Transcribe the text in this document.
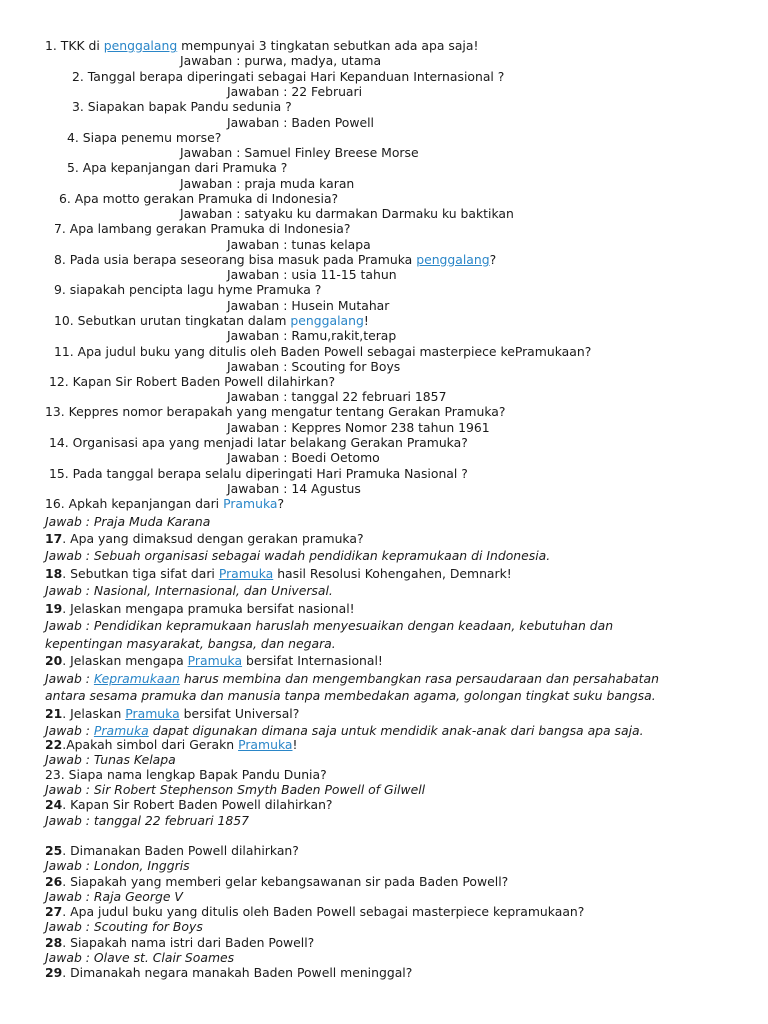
1. TKK di penggalang mempunyai 3 tingkatan sebutkan ada apa saja!
Jawaban : purwa, madya, utama
2. Tanggal berapa diperingati sebagai Hari Kepanduan Internasional ?
Jawaban : 22 Februari
3. Siapakan bapak Pandu sedunia ?
Jawaban : Baden Powell
4. Siapa penemu morse?
Jawaban : Samuel Finley Breese Morse
5. Apa kepanjangan dari Pramuka ?
Jawaban : praja muda karan
6. Apa motto gerakan Pramuka di Indonesia?
Jawaban : satyaku ku darmakan Darmaku ku baktikan
7. Apa lambang gerakan Pramuka di Indonesia?
Jawaban : tunas kelapa
8. Pada usia berapa seseorang bisa masuk pada Pramuka penggalang?
Jawaban : usia 11-15 tahun
9. siapakah pencipta lagu hyme Pramuka ?
Jawaban : Husein Mutahar
10. Sebutkan urutan tingkatan dalam penggalang!
Jawaban : Ramu,rakit,terap
11. Apa judul buku yang ditulis oleh Baden Powell sebagai masterpiece kePramukaan?
Jawaban : Scouting for Boys
12. Kapan Sir Robert Baden Powell dilahirkan?
Jawaban : tanggal 22 februari 1857
13. Keppres nomor berapakah yang mengatur tentang Gerakan Pramuka?
Jawaban : Keppres Nomor 238 tahun 1961
14. Organisasi apa yang menjadi latar belakang Gerakan Pramuka?
Jawaban : Boedi Oetomo
15. Pada tanggal berapa selalu diperingati Hari Pramuka Nasional ?
Jawaban : 14 Agustus
16. Apkah kepanjangan dari Pramuka?
Jawab : Praja Muda Karana
17. Apa yang dimaksud dengan gerakan pramuka?
Jawab : Sebuah organisasi sebagai wadah pendidikan kepramukaan di Indonesia.
18. Sebutkan tiga sifat dari Pramuka hasil Resolusi Kohengahen, Demnark!
Jawab : Nasional, Internasional, dan Universal.
19. Jelaskan mengapa pramuka bersifat nasional!
Jawab : Pendidikan kepramukaan haruslah menyesuaikan dengan keadaan, kebutuhan dan
kepentingan masyarakat, bangsa, dan negara.
20. Jelaskan mengapa Pramuka bersifat Internasional!
Jawab : Kepramukaan harus membina dan mengembangkan rasa persaudaraan dan persahabatan
antara sesama pramuka dan manusia tanpa membedakan agama, golongan tingkat suku bangsa.
21. Jelaskan Pramuka bersifat Universal?
Jawab : Pramuka dapat digunakan dimana saja untuk mendidik anak-anak dari bangsa apa saja.
22.Apakah simbol dari Gerakn Pramuka!
Jawab : Tunas Kelapa
23. Siapa nama lengkap Bapak Pandu Dunia?
Jawab : Sir Robert Stephenson Smyth Baden Powell of Gilwell
24. Kapan Sir Robert Baden Powell dilahirkan?
Jawab : tanggal 22 februari 1857
25. Dimanakan Baden Powell dilahirkan?
Jawab : London, Inggris
26. Siapakah yang memberi gelar kebangsawanan sir pada Baden Powell?
Jawab : Raja George V
27. Apa judul buku yang ditulis oleh Baden Powell sebagai masterpiece kepramukaan?
Jawab : Scouting for Boys
28. Siapakah nama istri dari Baden Powell?
Jawab : Olave st. Clair Soames
29. Dimanakah negara manakah Baden Powell meninggal?
